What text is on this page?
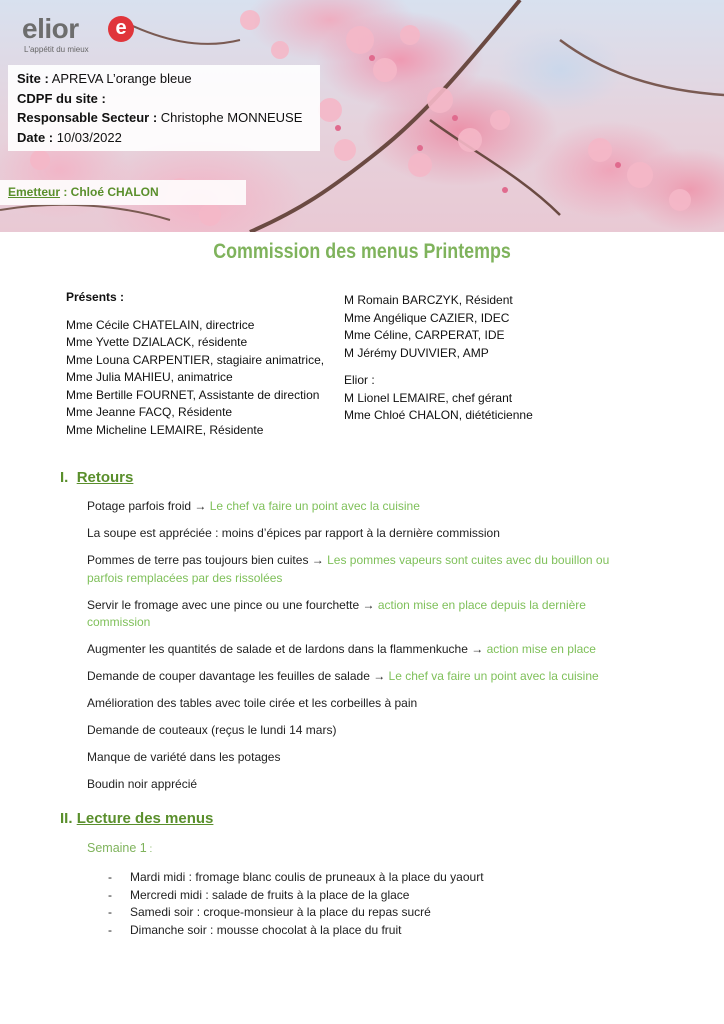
elior	e
L'appétit du mieux
Site : APREVA L’orange bleue
CDPF du site :
Responsable Secteur : Christophe MONNEUSE
Date : 10/03/2022
Emetteur : Chloé CHALON
Commission des menus Printemps
Présents :
Mme Cécile CHATELAIN, directrice
Mme Yvette DZIALACK, résidente
Mme Louna CARPENTIER, stagiaire animatrice,
Mme Julia MAHIEU, animatrice
Mme Bertille FOURNET, Assistante de direction
Mme Jeanne FACQ, Résidente
Mme Micheline LEMAIRE, Résidente
M Romain BARCZYK, Résident
Mme Angélique CAZIER, IDEC
Mme Céline, CARPERAT, IDE
M Jérémy DUVIVIER, AMP
Elior :
M Lionel LEMAIRE, chef gérant
Mme Chloé CHALON, diététicienne
I. Retours
Potage parfois froid → Le chef va faire un point avec la cuisine
La soupe est appréciée : moins d’épices par rapport à la dernière commission
Pommes de terre pas toujours bien cuites → Les pommes vapeurs sont cuites avec du bouillon ou parfois remplacées par des rissolées
Servir le fromage avec une pince ou une fourchette → action mise en place depuis la dernière commission
Augmenter les quantités de salade et de lardons dans la flammenkuche → action mise en place
Demande de couper davantage les feuilles de salade → Le chef va faire un point avec la cuisine
Amélioration des tables avec toile cirée et les corbeilles à pain
Demande de couteaux (reçus le lundi 14 mars)
Manque de variété dans les potages
Boudin noir apprécié
II. Lecture des menus
Semaine 1 :
- Mardi midi : fromage blanc coulis de pruneaux à la place du yaourt
- Mercredi midi : salade de fruits à la place de la glace
- Samedi soir : croque-monsieur à la place du repas sucré
- Dimanche soir : mousse chocolat à la place du fruit
